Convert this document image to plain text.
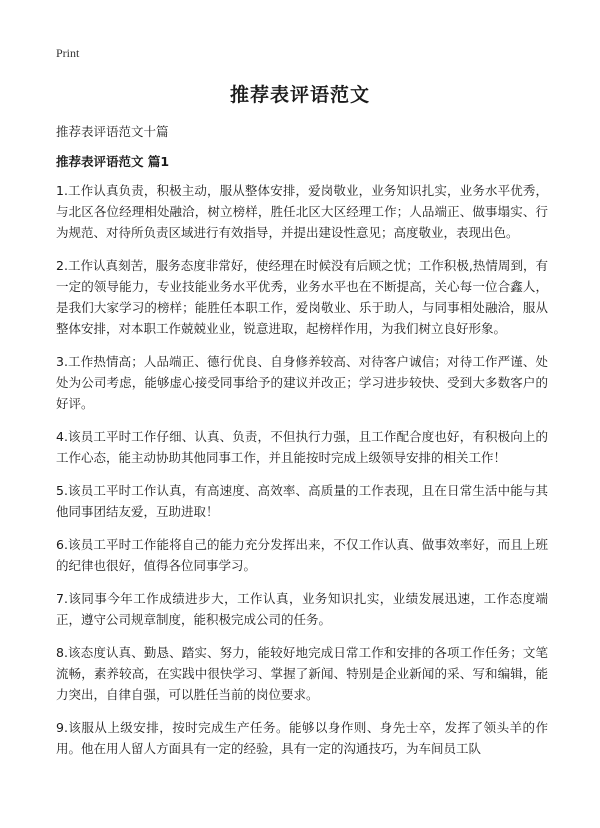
Print
推荐表评语范文
推荐表评语范文十篇
推荐表评语范文 篇1

1.工作认真负责，积极主动，服从整体安排，爱岗敬业，业务知识扎实，业务水平优秀，与北区各位经理相处融洽，树立榜样，胜任北区大区经理工作；人品端正、做事塌实、行为规范、对待所负责区域进行有效指导，并提出建设性意见；高度敬业，表现出色。

2.工作认真刻苦，服务态度非常好，使经理在时候没有后顾之忧；工作积极,热情周到，有一定的领导能力，专业技能业务水平优秀，业务水平也在不断提高，关心每一位合鑫人，是我们大家学习的榜样；能胜任本职工作，爱岗敬业、乐于助人，与同事相处融洽，服从整体安排，对本职工作兢兢业业，锐意进取，起榜样作用，为我们树立良好形象。

3.工作热情高；人品端正、德行优良、自身修养较高、对待客户诚信；对待工作严谨、处处为公司考虑，能够虚心接受同事给予的建议并改正；学习进步较快、受到大多数客户的好评。

4.该员工平时工作仔细、认真、负责，不但执行力强，且工作配合度也好，有积极向上的工作心态，能主动协助其他同事工作，并且能按时完成上级领导安排的相关工作！

5.该员工平时工作认真，有高速度、高效率、高质量的工作表现，且在日常生活中能与其他同事团结友爱，互助进取！

6.该员工平时工作能将自己的能力充分发挥出来，不仅工作认真、做事效率好，而且上班的纪律也很好，值得各位同事学习。

7.该同事今年工作成绩进步大，工作认真，业务知识扎实，业绩发展迅速，工作态度端正，遵守公司规章制度，能积极完成公司的任务。

8.该态度认真、勤恳、踏实、努力，能较好地完成日常工作和安排的各项工作任务；文笔流畅，素养较高，在实践中很快学习、掌握了新闻、特别是企业新闻的采、写和编辑，能力突出，自律自强，可以胜任当前的岗位要求。

9.该服从上级安排，按时完成生产任务。能够以身作则、身先士卒，发挥了领头羊的作用。他在用人留人方面具有一定的经验，具有一定的沟通技巧，为车间员工队
